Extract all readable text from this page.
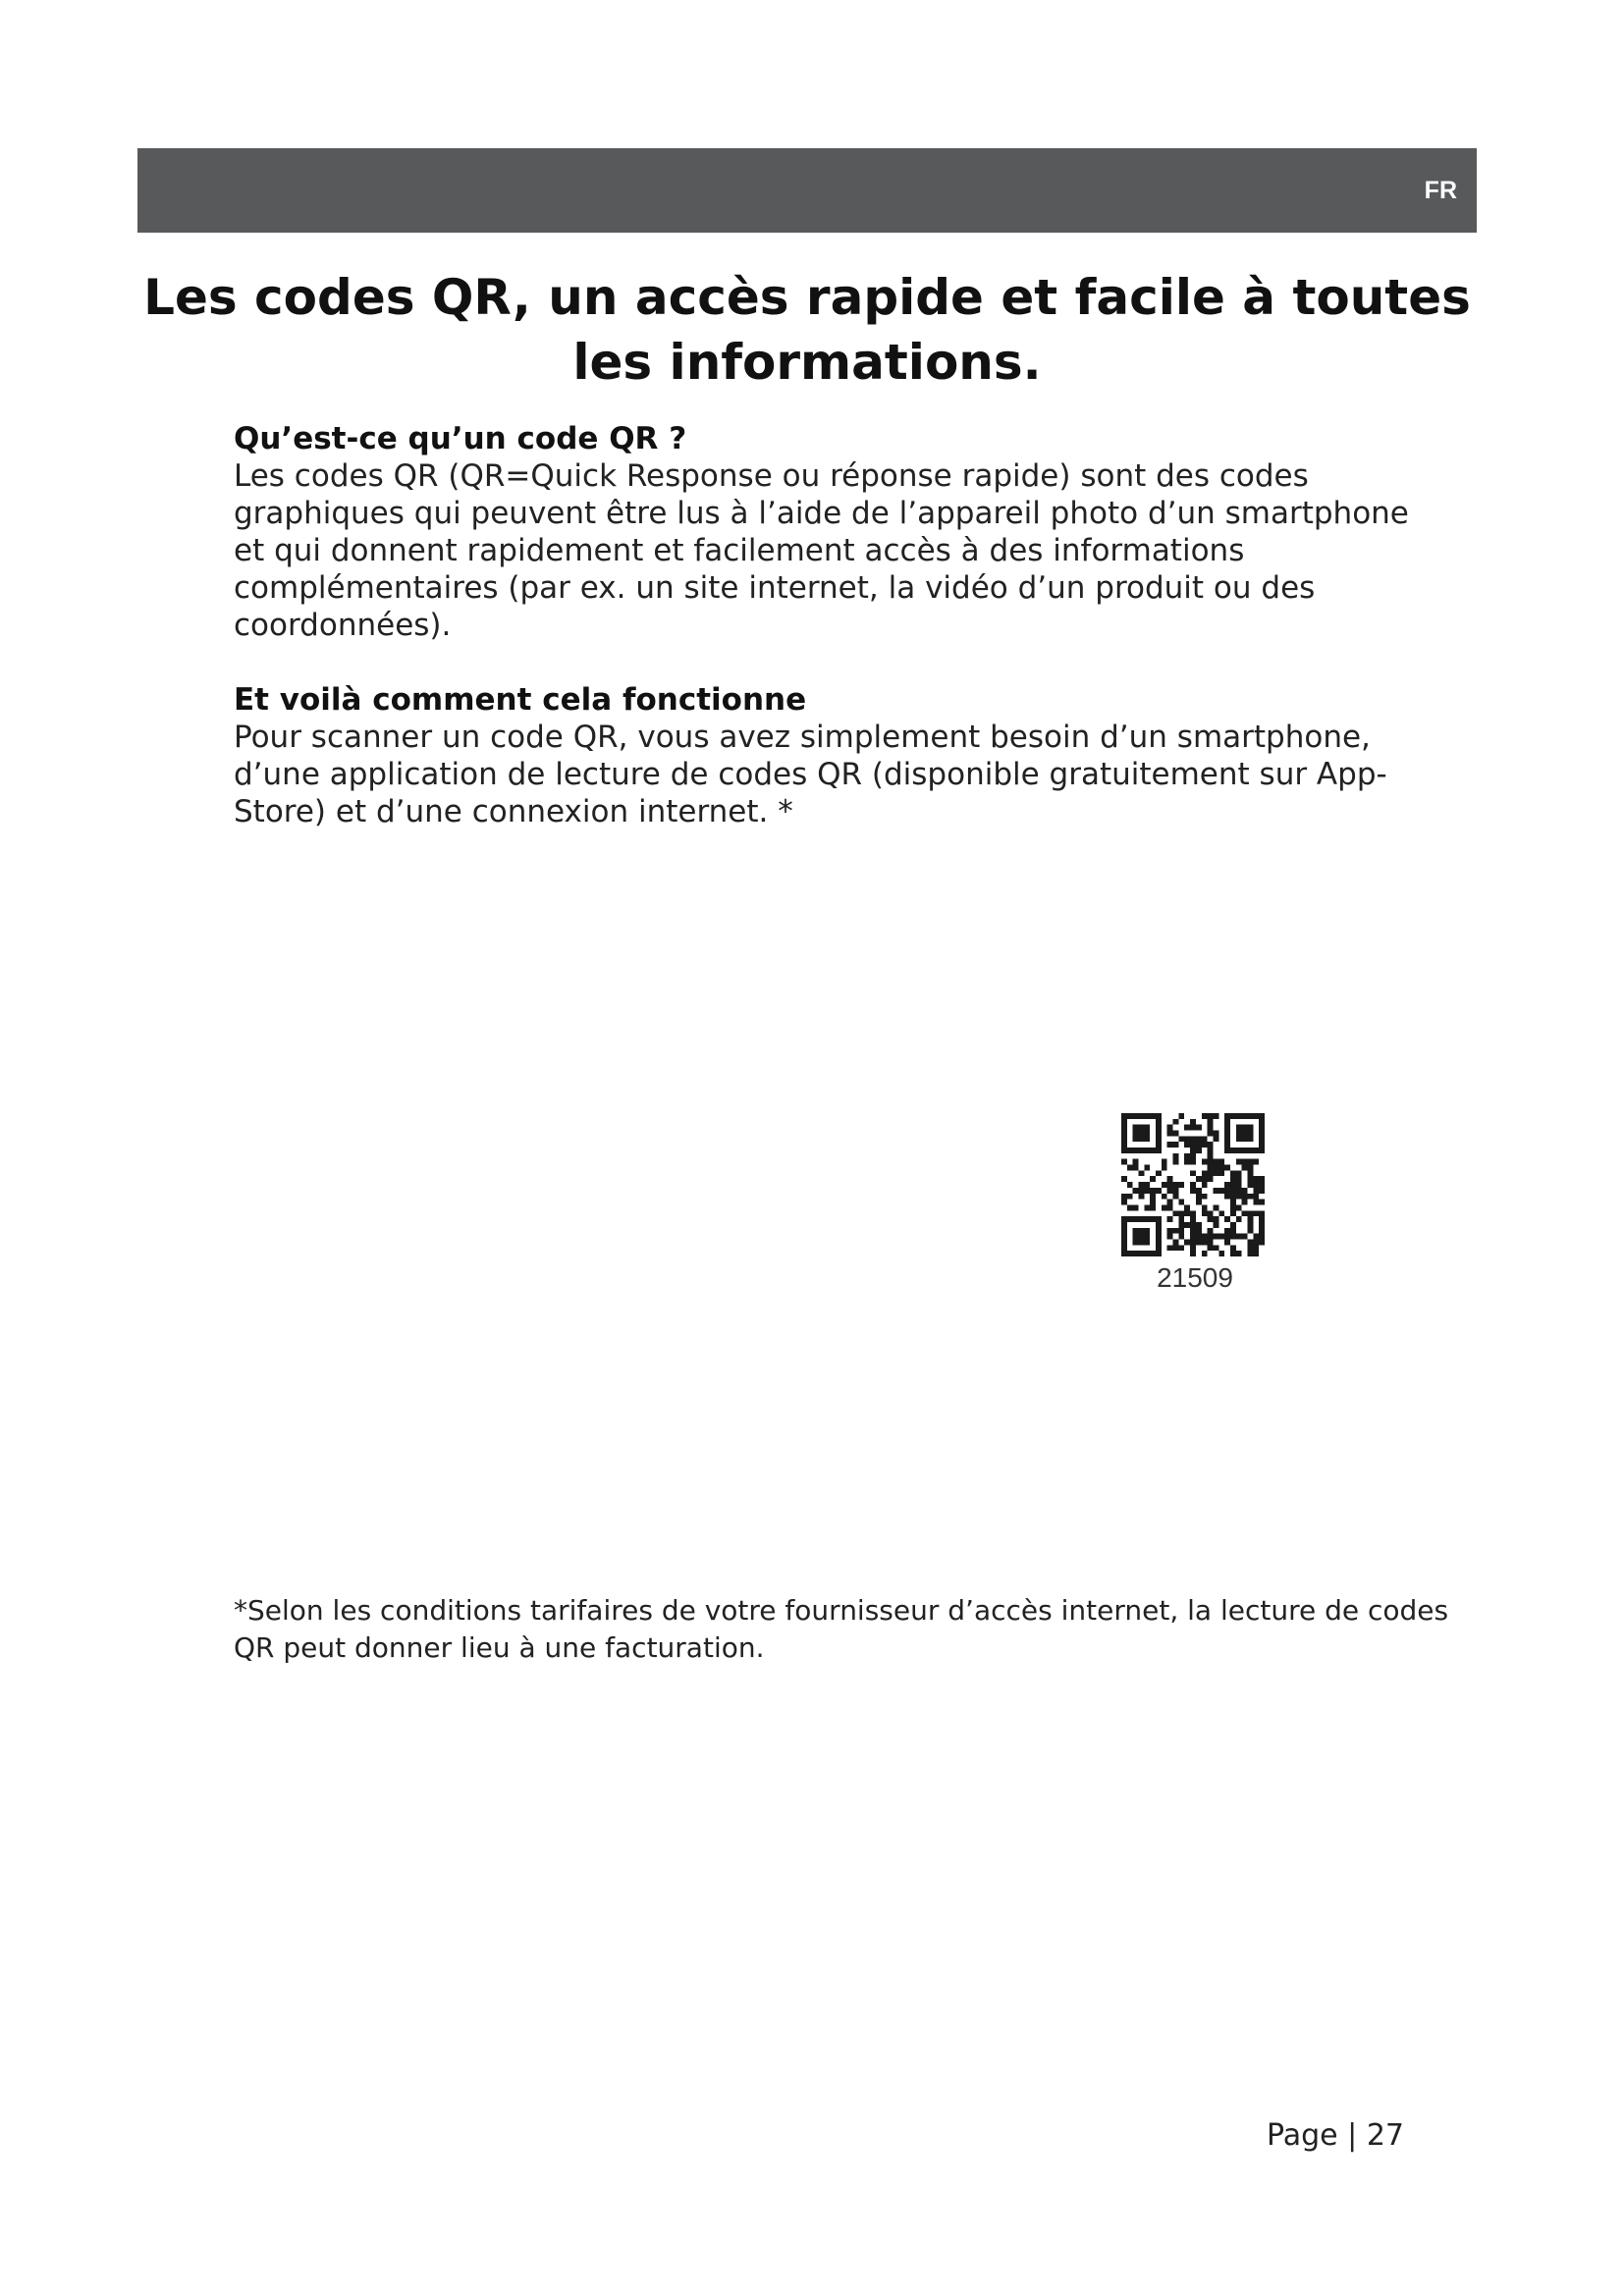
FR
Les codes QR, un accès rapide et facile à toutes les informations.

Qu’est-ce qu’un code QR ?

Les codes QR (QR=Quick Response ou réponse rapide) sont des codes graphiques qui peuvent être lus à l’aide de l’appareil photo d’un smartphone et qui donnent rapidement et facilement accès à des informations complémentaires (par ex. un site internet, la vidéo d’un produit ou des coordonnées).

Et voilà comment cela fonctionne

Pour scanner un code QR, vous avez simplement besoin d’un smartphone, d’une application de lecture de codes QR (disponible gratuitement sur App-Store) et d’une connexion internet. *

21509

*Selon les conditions tarifaires de votre fournisseur d’accès internet, la lecture de codes QR peut donner lieu à une facturation.

Page | 27
